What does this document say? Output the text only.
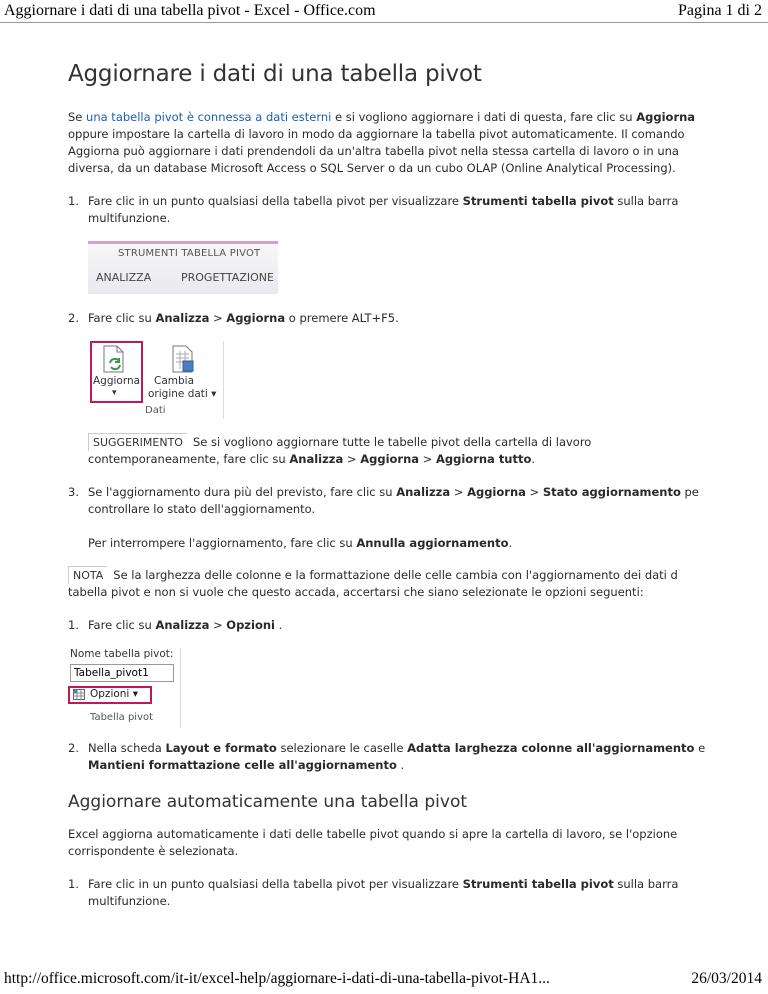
Aggiornare i dati di una tabella pivot - Excel - Office.com	Pagina 1 di 2
Aggiornare i dati di una tabella pivot

Se una tabella pivot è connessa a dati esterni e si vogliono aggiornare i dati di questa, fare clic su Aggiorna

oppure impostare la cartella di lavoro in modo da aggiornare la tabella pivot automaticamente. Il comando

Aggiorna può aggiornare i dati prendendoli da un'altra tabella pivot nella stessa cartella di lavoro o in una

diversa, da un database Microsoft Access o SQL Server o da un cubo OLAP (Online Analytical Processing).

1. Fare clic in un punto qualsiasi della tabella pivot per visualizzare Strumenti tabella pivot sulla barra

multifunzione.

STRUMENTI TABELLA PIVOT
ANALIZZA	PROGETTAZIONE
2. Fare clic su Analizza > Aggiorna o premere ALT+F5.

Aggiorna
▾
Cambia
origine dati ▾
Dati

SUGGERIMENTO Se si vogliono aggiornare tutte le tabelle pivot della cartella di lavoro

contemporaneamente, fare clic su Analizza > Aggiorna > Aggiorna tutto.

3. Se l'aggiornamento dura più del previsto, fare clic su Analizza > Aggiorna > Stato aggiornamento pe

controllare lo stato dell'aggiornamento.

Per interrompere l'aggiornamento, fare clic su Annulla aggiornamento.

NOTA Se la larghezza delle colonne e la formattazione delle celle cambia con l'aggiornamento dei dati d

tabella pivot e non si vuole che questo accada, accertarsi che siano selezionate le opzioni seguenti:

1. Fare clic su Analizza > Opzioni .

Nome tabella pivot:
Tabella_pivot1
Opzioni ▾
Tabella pivot
2. Nella scheda Layout e formato selezionare le caselle Adatta larghezza colonne all'aggiornamento e

Mantieni formattazione celle all'aggiornamento .

Aggiornare automaticamente una tabella pivot

Excel aggiorna automaticamente i dati delle tabelle pivot quando si apre la cartella di lavoro, se l'opzione

corrispondente è selezionata.

1. Fare clic in un punto qualsiasi della tabella pivot per visualizzare Strumenti tabella pivot sulla barra

multifunzione.

http://office.microsoft.com/it-it/excel-help/aggiornare-i-dati-di-una-tabella-pivot-HA1...	26/03/2014
